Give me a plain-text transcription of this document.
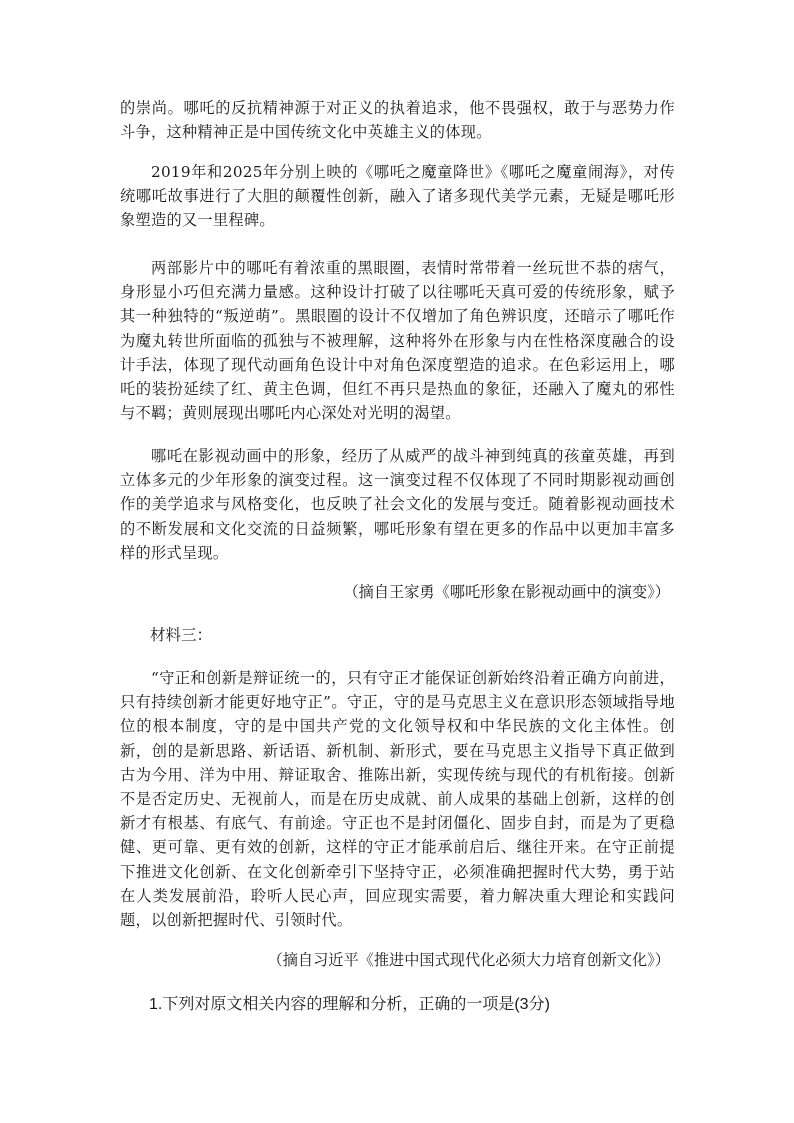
的崇尚。哪吒的反抗精神源于对正义的执着追求，他不畏强权，敢于与恶势力作斗争，这种精神正是中国传统文化中英雄主义的体现。

2019年和2025年分别上映的《哪吒之魔童降世》《哪吒之魔童闹海》，对传统哪吒故事进行了大胆的颠覆性创新，融入了诸多现代美学元素，无疑是哪吒形象塑造的又一里程碑。

两部影片中的哪吒有着浓重的黑眼圈，表情时常带着一丝玩世不恭的痞气，身形显小巧但充满力量感。这种设计打破了以往哪吒天真可爱的传统形象，赋予其一种独特的“叛逆萌”。黑眼圈的设计不仅增加了角色辨识度，还暗示了哪吒作为魔丸转世所面临的孤独与不被理解，这种将外在形象与内在性格深度融合的设计手法，体现了现代动画角色设计中对角色深度塑造的追求。在色彩运用上，哪吒的装扮延续了红、黄主色调，但红不再只是热血的象征，还融入了魔丸的邪性与不羁；黄则展现出哪吒内心深处对光明的渴望。

哪吒在影视动画中的形象，经历了从威严的战斗神到纯真的孩童英雄，再到立体多元的少年形象的演变过程。这一演变过程不仅体现了不同时期影视动画创作的美学追求与风格变化，也反映了社会文化的发展与变迁。随着影视动画技术的不断发展和文化交流的日益频繁，哪吒形象有望在更多的作品中以更加丰富多样的形式呈现。

（摘自王家勇《哪吒形象在影视动画中的演变》）

材料三：

“守正和创新是辩证统一的，只有守正才能保证创新始终沿着正确方向前进，只有持续创新才能更好地守正”。守正，守的是马克思主义在意识形态领域指导地位的根本制度，守的是中国共产党的文化领导权和中华民族的文化主体性。创新，创的是新思路、新话语、新机制、新形式，要在马克思主义指导下真正做到古为今用、洋为中用、辩证取舍、推陈出新，实现传统与现代的有机衔接。创新不是否定历史、无视前人，而是在历史成就、前人成果的基础上创新，这样的创新才有根基、有底气、有前途。守正也不是封闭僵化、固步自封，而是为了更稳健、更可靠、更有效的创新，这样的守正才能承前启后、继往开来。在守正前提下推进文化创新、在文化创新牵引下坚持守正，必须准确把握时代大势，勇于站在人类发展前沿，聆听人民心声，回应现实需要，着力解决重大理论和实践问题，以创新把握时代、引领时代。

（摘自习近平《推进中国式现代化必须大力培育创新文化》）

1.下列对原文相关内容的理解和分析，正确的一项是(3分)
